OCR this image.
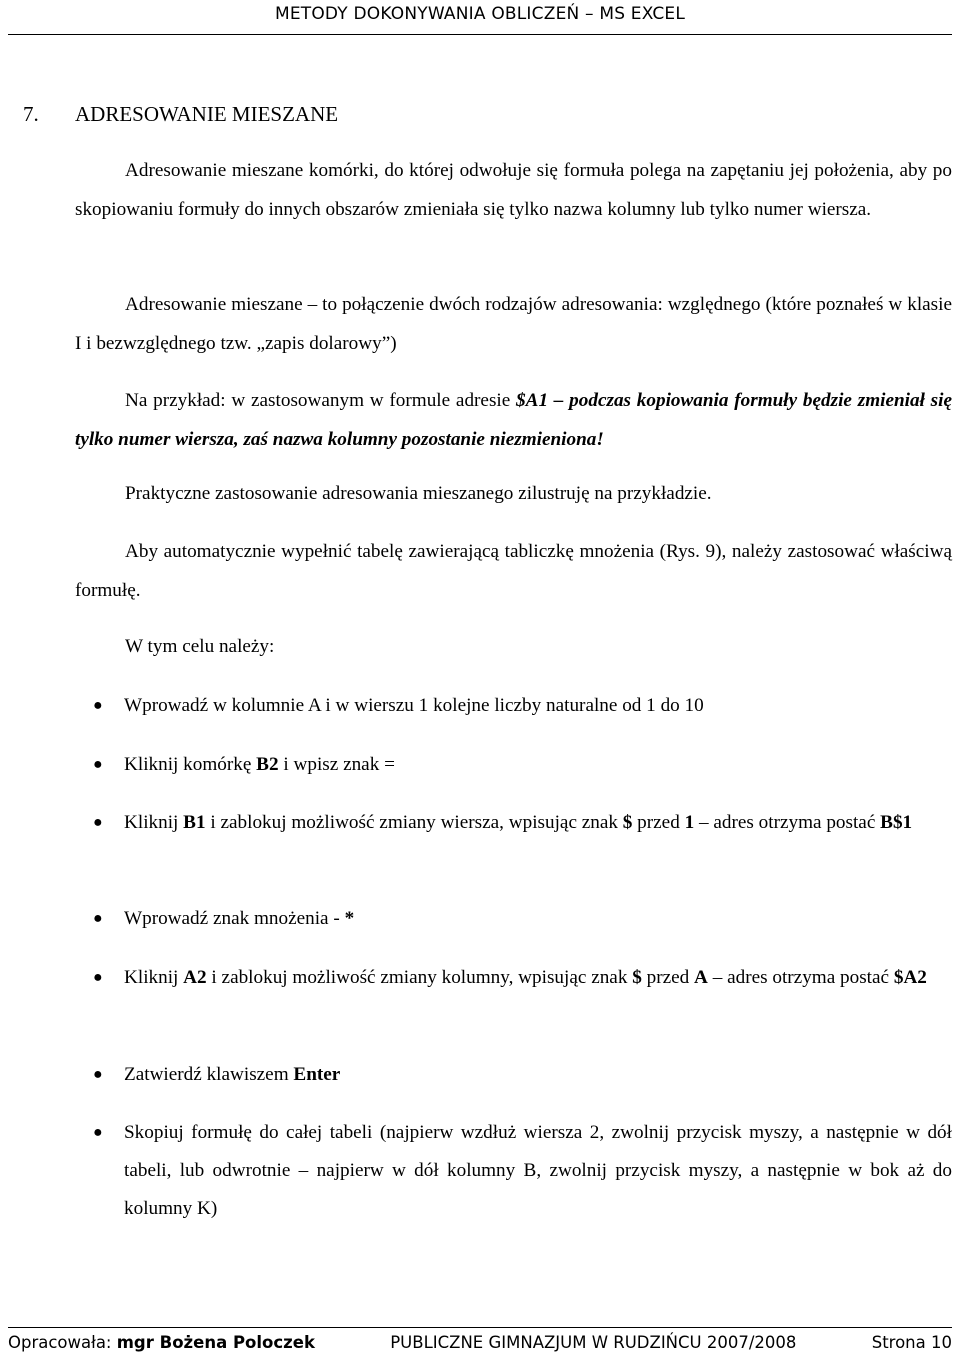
METODY DOKONYWANIA OBLICZEŃ – MS EXCEL
7.	ADRESOWANIE MIESZANE
Adresowanie mieszane komórki, do której odwołuje się formuła polega na zapętaniu jej położenia, aby po skopiowaniu formuły do innych obszarów zmieniała się tylko nazwa kolumny lub tylko numer wiersza.
Adresowanie mieszane – to połączenie dwóch rodzajów adresowania: względnego (które poznałeś w klasie I i bezwzględnego tzw. „zapis dolarowy”)
Na przykład: w zastosowanym w formule adresie $A1 – podczas kopiowania formuły będzie zmieniał się tylko numer wiersza, zaś nazwa kolumny pozostanie niezmieniona!
Praktyczne zastosowanie adresowania mieszanego zilustruję na przykładzie.
Aby automatycznie wypełnić tabelę zawierającą tabliczkę mnożenia (Rys. 9), należy zastosować właściwą formułę.
W tym celu należy:
● Wprowadź w kolumnie A i w wierszu 1 kolejne liczby naturalne od 1 do 10
● Kliknij komórkę B2 i wpisz znak =
● Kliknij B1 i zablokuj możliwość zmiany wiersza, wpisując znak $ przed 1 – adres otrzyma postać B$1
● Wprowadź znak mnożenia - *
● Kliknij A2 i zablokuj możliwość zmiany kolumny, wpisując znak $ przed A – adres otrzyma postać $A2
● Zatwierdź klawiszem Enter
● Skopiuj formułę do całej tabeli (najpierw wzdłuż wiersza 2, zwolnij przycisk myszy, a następnie w dół tabeli, lub odwrotnie – najpierw w dół kolumny B, zwolnij przycisk myszy, a następnie w bok aż do kolumny K)
Opracowała: mgr Bożena Poloczek	PUBLICZNE GIMNAZJUM W RUDZIŃCU 2007/2008	Strona 10
